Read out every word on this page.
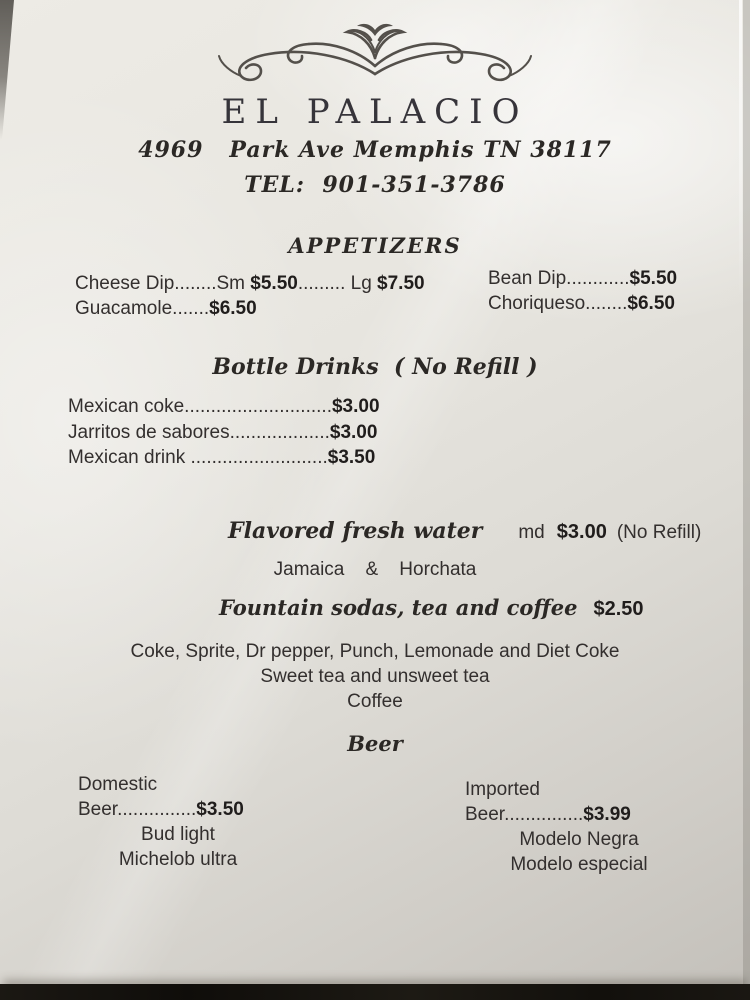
EL PALACIO
4969   Park Ave Memphis TN 38117
TEL:  901-351-3786
APPETIZERS
Cheese Dip........Sm $5.50......... Lg $7.50
Guacamole.......$6.50
Bean Dip............$5.50
Choriqueso........$6.50
Bottle Drinks  ( No Refill )
Mexican coke............................$3.00
Jarritos de sabores...................$3.00
Mexican drink ..........................$3.50
Flavored fresh water md $3.00 (No Refill)
Jamaica    &    Horchata
Fountain sodas, tea and coffee $2.50
Coke, Sprite, Dr pepper, Punch, Lemonade and Diet Coke
Sweet tea and unsweet tea
Coffee
Beer
Domestic Beer...............$3.50
Bud light
Michelob ultra
Imported Beer...............$3.99
Modelo Negra
Modelo especial
